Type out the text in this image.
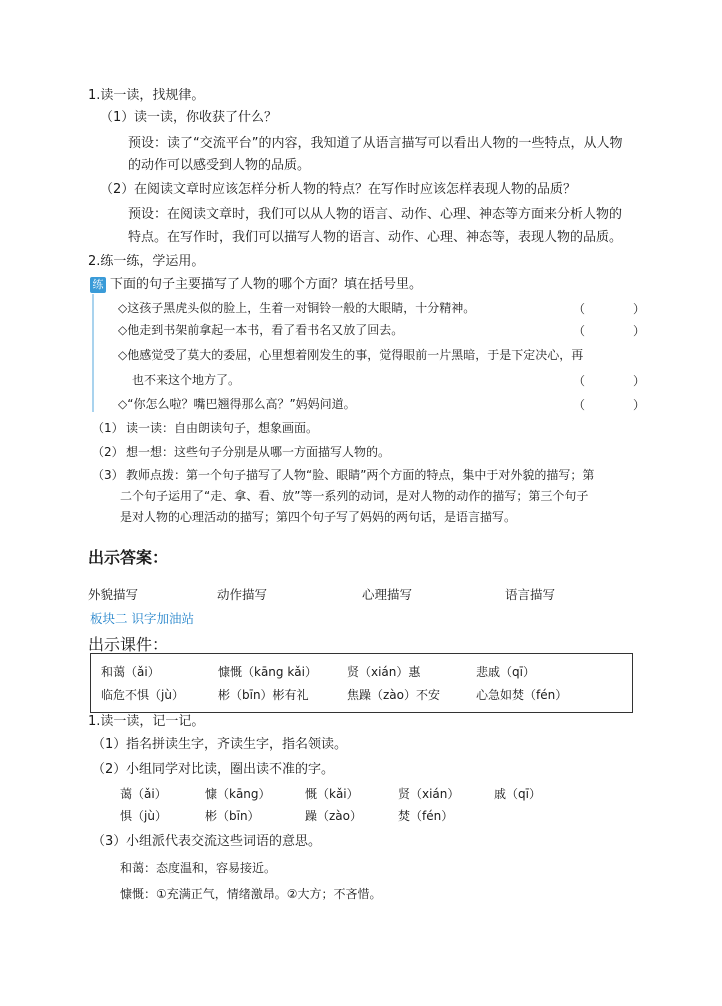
1.读一读，找规律。
（1）读一读，你收获了什么？
预设：读了“交流平台”的内容，我知道了从语言描写可以看出人物的一些特点，从人物
的动作可以感受到人物的品质。
（2）在阅读文章时应该怎样分析人物的特点？在写作时应该怎样表现人物的品质？
预设：在阅读文章时，我们可以从人物的语言、动作、心理、神态等方面来分析人物的
特点。在写作时，我们可以描写人物的语言、动作、心理、神态等，表现人物的品质。
2.练一练，学运用。
练 下面的句子主要描写了人物的哪个方面？填在括号里。
◇这孩子黑虎头似的脸上，生着一对铜铃一般的大眼睛，十分精神。	（　　　　）
◇他走到书架前拿起一本书，看了看书名又放了回去。	（　　　　）
◇他感觉受了莫大的委屈，心里想着刚发生的事，觉得眼前一片黑暗，于是下定决心，再
也不来这个地方了。	（　　　　）
◇“你怎么啦？嘴巴翘得那么高？”妈妈问道。	（　　　　）
（1） 读一读：自由朗读句子，想象画面。
（2） 想一想：这些句子分别是从哪一方面描写人物的。
（3） 教师点拨：第一个句子描写了人物“脸、眼睛”两个方面的特点，集中于对外貌的描写；第
二个句子运用了“走、拿、看、放”等一系列的动词，是对人物的动作的描写；第三个句子
是对人物的心理活动的描写；第四个句子写了妈妈的两句话，是语言描写。
出示答案：
外貌描写	动作描写	心理描写	语言描写
板块二 识字加油站
出示课件：
和蔼（ǎi）	慷慨（kāng kǎi）	贤（xián）惠	悲戚（qī）
临危不惧（jù）	彬（bīn）彬有礼	焦躁（zào）不安	心急如焚（fén）
1.读一读，记一记。
（1）指名拼读生字，齐读生字，指名领读。
（2）小组同学对比读，圈出读不准的字。
蔼（ǎi）	慷（kāng）	慨（kǎi）	贤（xián）	戚（qī）
惧（jù）	彬（bīn）	躁（zào）	焚（fén）
（3）小组派代表交流这些词语的意思。
和蔼：态度温和，容易接近。
慷慨：①充满正气，情绪激昂。②大方；不吝惜。
